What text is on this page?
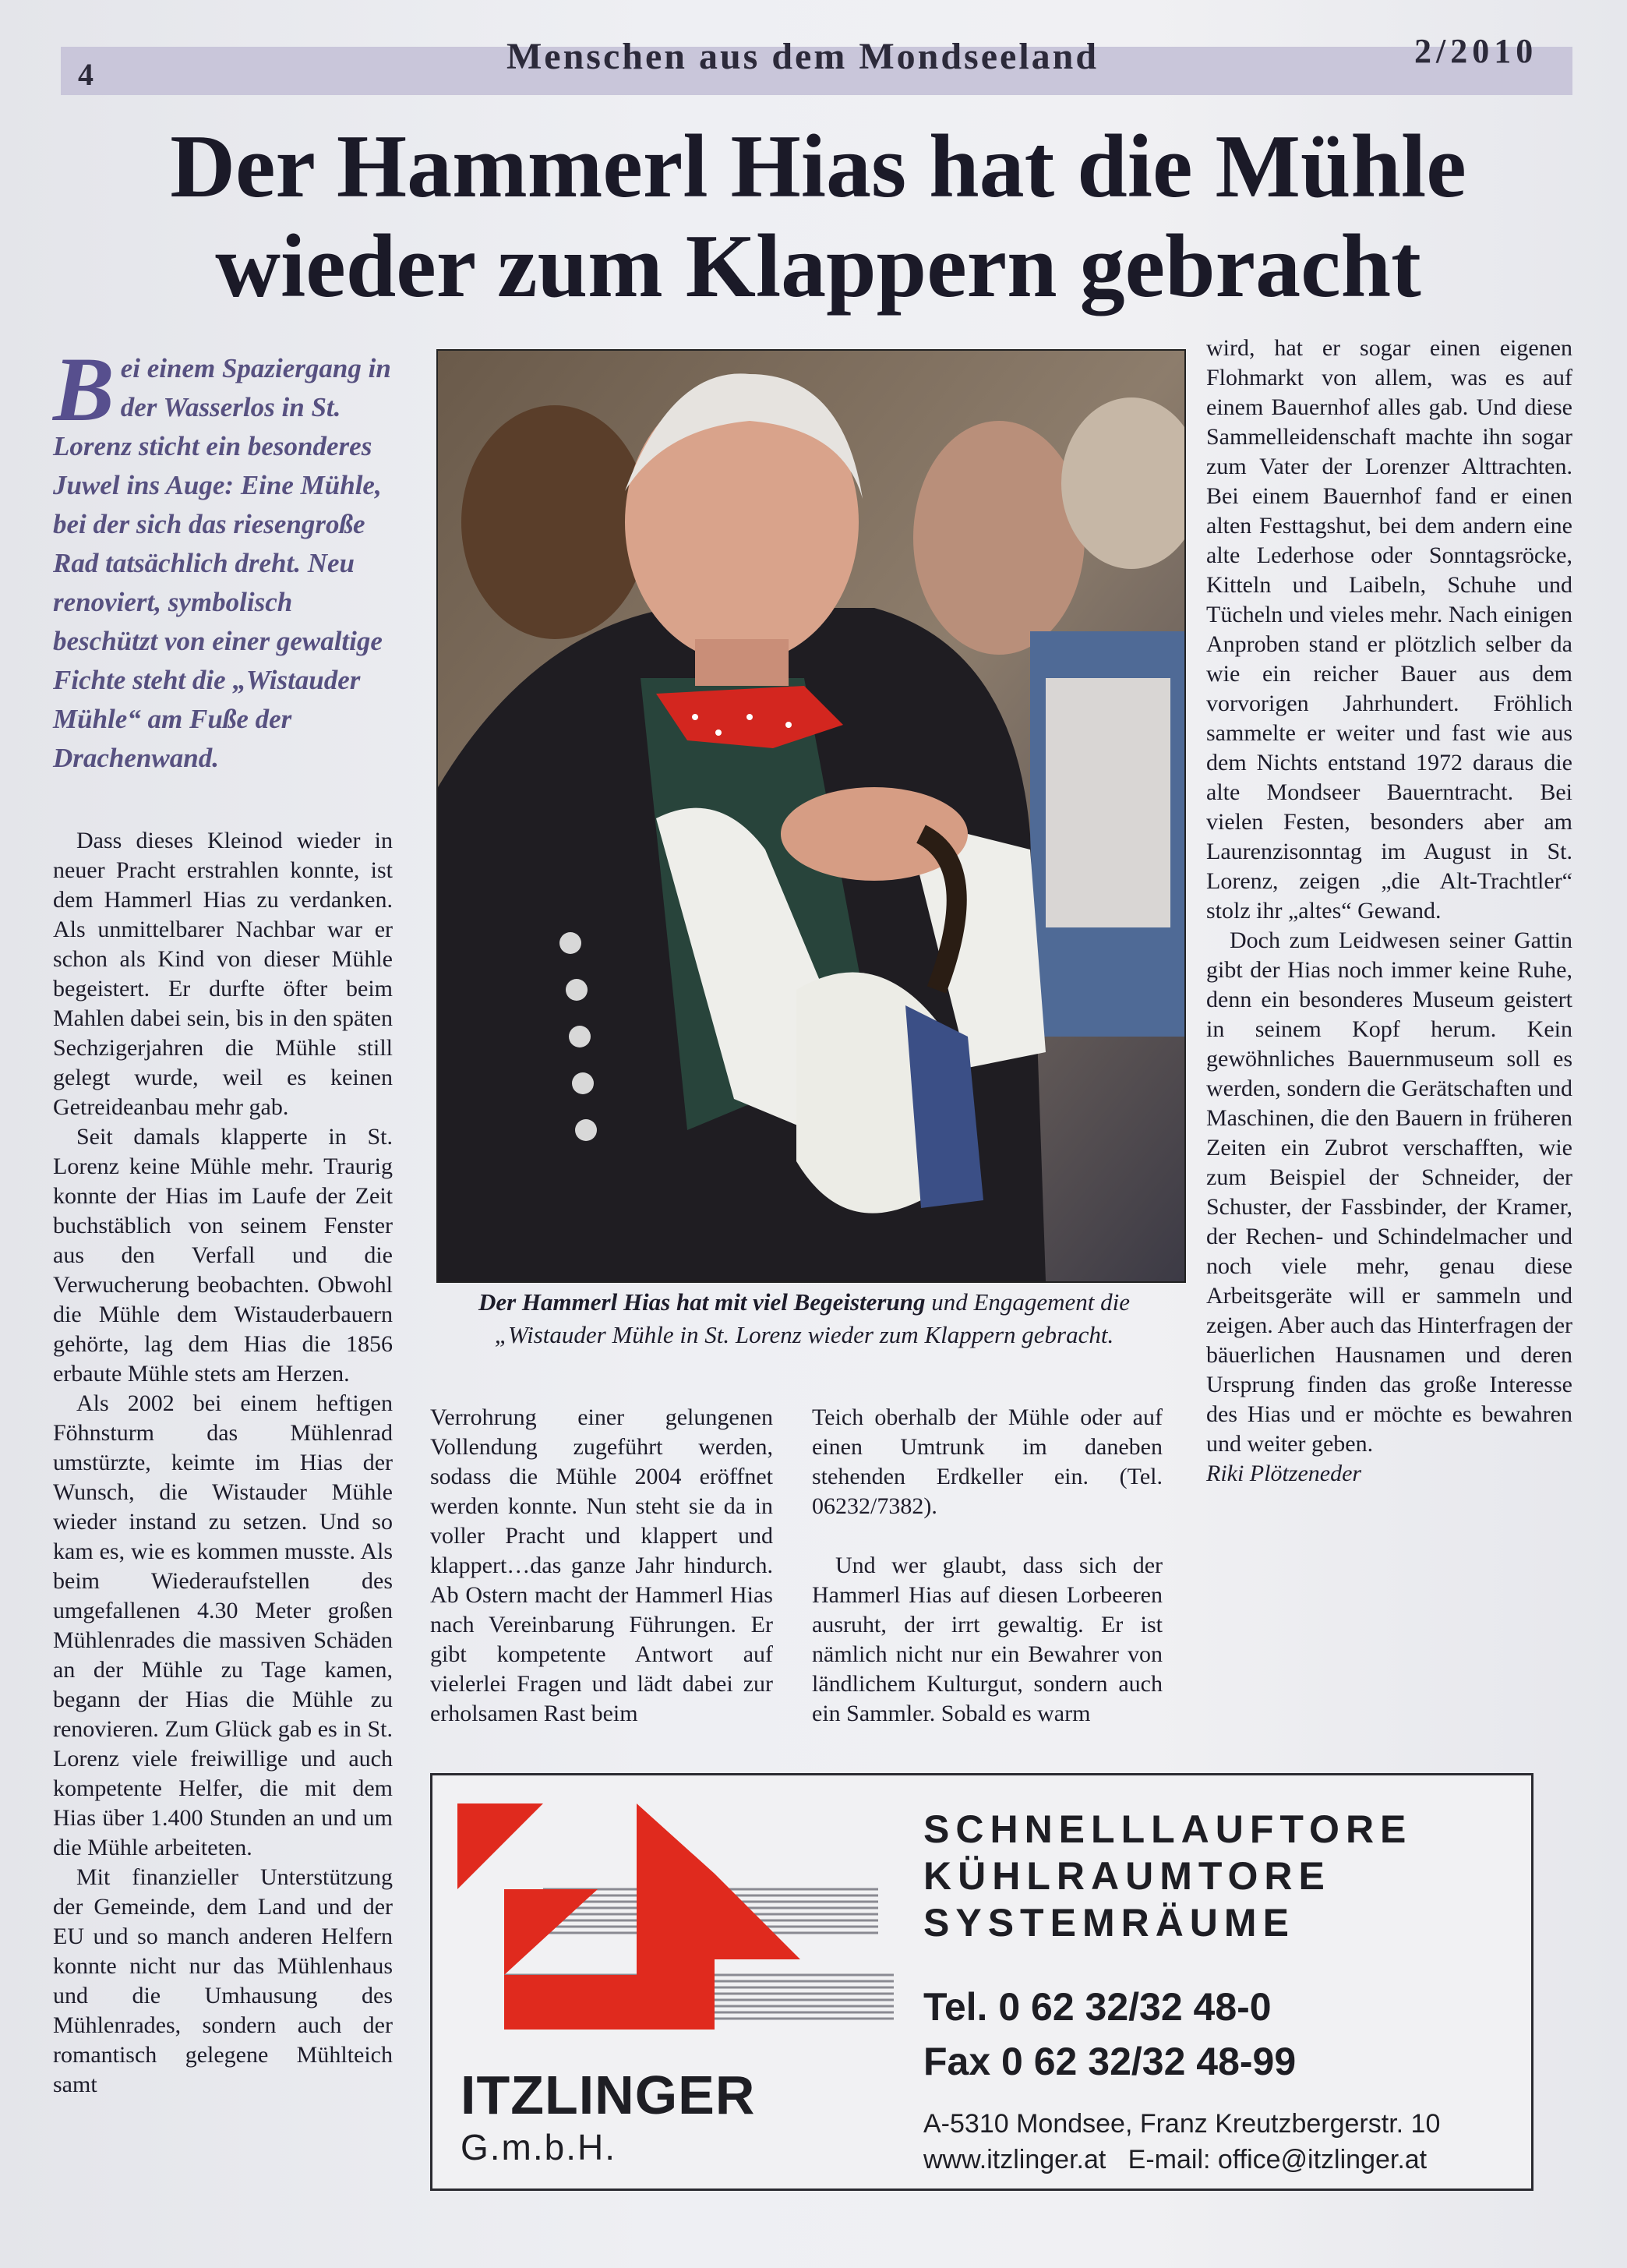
4	Menschen aus dem Mondseeland	2/2010
Der Hammerl Hias hat die Mühle
wieder zum Klappern gebracht
Bei einem Spaziergang in der Wasserlos in St. Lorenz sticht ein besonderes Juwel ins Auge: Eine Mühle, bei der sich das riesengroße Rad tatsächlich dreht. Neu renoviert, symbolisch beschützt von einer gewaltige Fichte steht die „Wistauder Mühle“ am Fuße der Drachenwand.

Dass dieses Kleinod wieder in neuer Pracht erstrahlen konnte, ist dem Hammerl Hias zu verdanken. Als unmittelbarer Nachbar war er schon als Kind von dieser Mühle begeistert. Er durfte öfter beim Mahlen dabei sein, bis in den späten Sechzigerjahren die Mühle still gelegt wurde, weil es keinen Getreideanbau mehr gab.

Seit damals klapperte in St. Lorenz keine Mühle mehr. Traurig konnte der Hias im Laufe der Zeit buchstäblich von seinem Fenster aus den Verfall und die Verwucherung beobachten. Obwohl die Mühle dem Wistauderbauern gehörte, lag dem Hias die 1856 erbaute Mühle stets am Herzen.

Als 2002 bei einem heftigen Föhnsturm das Mühlenrad umstürzte, keimte im Hias der Wunsch, die Wistauder Mühle wieder instand zu setzen. Und so kam es, wie es kommen musste. Als beim Wiederaufstellen des umgefallenen 4.30 Meter großen Mühlenrades die massiven Schäden an der Mühle zu Tage kamen, begann der Hias die Mühle zu renovieren. Zum Glück gab es in St. Lorenz viele freiwillige und auch kompetente Helfer, die mit dem Hias über 1.400 Stunden an und um die Mühle arbeiteten.

Mit finanzieller Unterstützung der Gemeinde, dem Land und der EU und so manch anderen Helfern konnte nicht nur das Mühlenhaus und die Umhausung des Mühlenrades, sondern auch der romantisch gelegene Mühlteich samt

Der Hammerl Hias hat mit viel Begeisterung und Engagement die „Wistauder Mühle in St. Lorenz wieder zum Klappern gebracht.

Verrohrung einer gelungenen Vollendung zugeführt werden, sodass die Mühle 2004 eröffnet werden konnte. Nun steht sie da in voller Pracht und klappert und klappert…das ganze Jahr hindurch. Ab Ostern macht der Hammerl Hias nach Vereinbarung Führungen. Er gibt kompetente Antwort auf vielerlei Fragen und lädt dabei zur erholsamen Rast beim

Teich oberhalb der Mühle oder auf einen Umtrunk im daneben stehenden Erdkeller ein. (Tel. 06232/7382).

Und wer glaubt, dass sich der Hammerl Hias auf diesen Lorbeeren ausruht, der irrt gewaltig. Er ist nämlich nicht nur ein Bewahrer von ländlichem Kulturgut, sondern auch ein Sammler. Sobald es warm

wird, hat er sogar einen eigenen Flohmarkt von allem, was es auf einem Bauernhof alles gab. Und diese Sammelleidenschaft machte ihn sogar zum Vater der Lorenzer Alttrachten. Bei einem Bauernhof fand er einen alten Festtagshut, bei dem andern eine alte Lederhose oder Sonntagsröcke, Kitteln und Laibeln, Schuhe und Tücheln und vieles mehr. Nach einigen Anproben stand er plötzlich selber da wie ein reicher Bauer aus dem vorvorigen Jahrhundert. Fröhlich sammelte er weiter und fast wie aus dem Nichts entstand 1972 daraus die alte Mondseer Bauerntracht. Bei vielen Festen, besonders aber am Laurenzisonntag im August in St. Lorenz, zeigen „die Alt-Trachtler“ stolz ihr „altes“ Gewand.

Doch zum Leidwesen seiner Gattin gibt der Hias noch immer keine Ruhe, denn ein besonderes Museum geistert in seinem Kopf herum. Kein gewöhnliches Bauernmuseum soll es werden, sondern die Gerätschaften und Maschinen, die den Bauern in früheren Zeiten ein Zubrot verschafften, wie zum Beispiel der Schneider, der Schuster, der Fassbinder, der Kramer, der Rechen- und Schindelmacher und noch viele mehr, genau diese Arbeitsgeräte will er sammeln und zeigen. Aber auch das Hinterfragen der bäuerlichen Hausnamen und deren Ursprung finden das große Interesse des Hias und er möchte es bewahren und weiter geben.

Riki Plötzeneder

ITZLINGER
G.m.b.H.
SCHNELLLAUFTORE
KÜHLRAUMTORE
SYSTEMRÄUME
Tel. 0 62 32/32 48-0
Fax 0 62 32/32 48-99
A-5310 Mondsee, Franz Kreutzbergerstr. 10
www.itzlinger.at   E-mail: office@itzlinger.at
